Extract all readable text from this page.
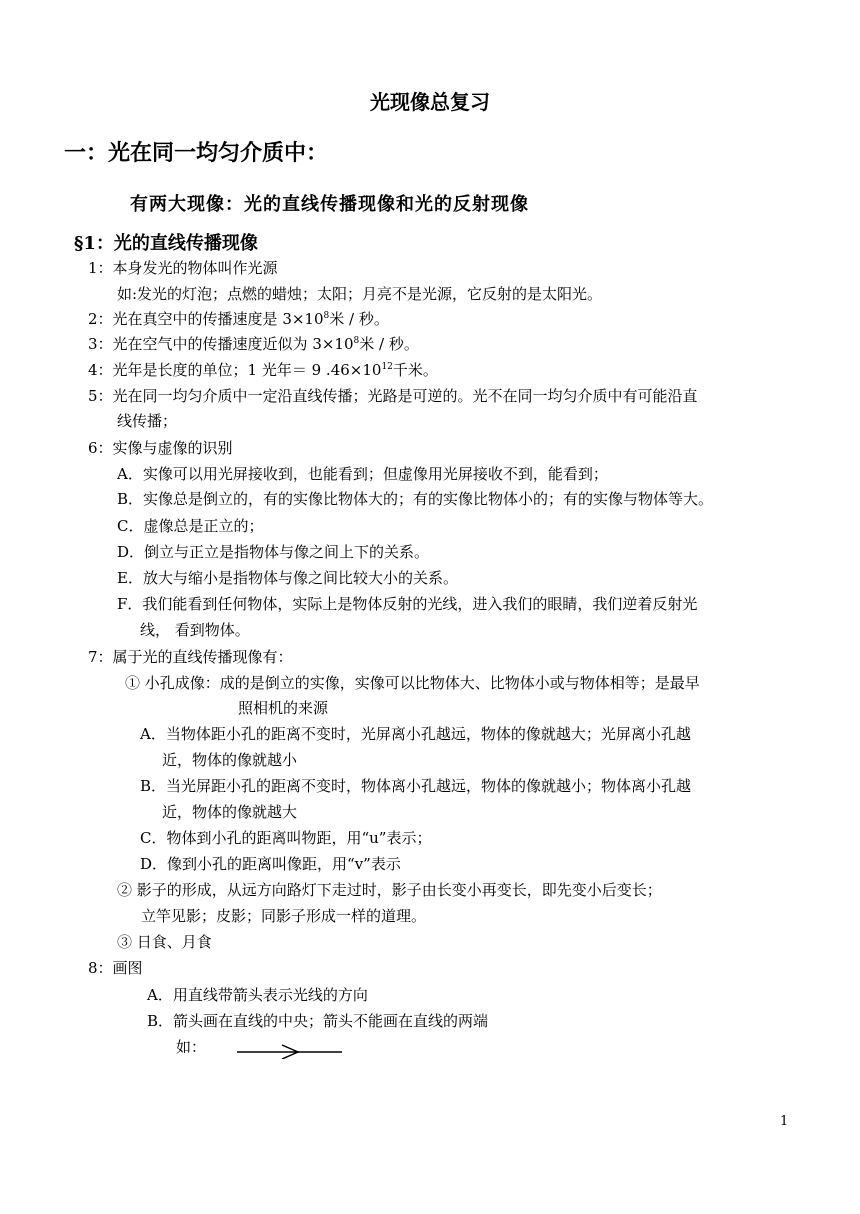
光现像总复习
一：光在同一均匀介质中：
有两大现像：光的直线传播现像和光的反射现像
§1：光的直线传播现像
1：本身发光的物体叫作光源
如:发光的灯泡；点燃的蜡烛；太阳；月亮不是光源，它反射的是太阳光。
2：光在真空中的传播速度是 $3\times 10^8$米 / 秒。
3：光在空气中的传播速度近似为 $3\times 10^8$米 / 秒。
4：光年是长度的单位；1 光年＝ 9 $.46\times 10^{12}$千米。
5：光在同一均匀介质中一定沿直线传播；光路是可逆的。光不在同一均匀介质中有可能沿直
线传播；
6：实像与虚像的识别
A．实像可以用光屏接收到，也能看到；但虚像用光屏接收不到，能看到；
B．实像总是倒立的，有的实像比物体大的；有的实像比物体小的；有的实像与物体等大。
C．虚像总是正立的；
D．倒立与正立是指物体与像之间上下的关系。
E．放大与缩小是指物体与像之间比较大小的关系。
F．我们能看到任何物体，实际上是物体反射的光线，进入我们的眼睛，我们逆着反射光
线， 看到物体。
7：属于光的直线传播现像有：
① 小孔成像：成的是倒立的实像，实像可以比物体大、比物体小或与物体相等；是最早
照相机的来源
A．当物体距小孔的距离不变时，光屏离小孔越远，物体的像就越大；光屏离小孔越
近，物体的像就越小
B．当光屏距小孔的距离不变时，物体离小孔越远，物体的像就越小；物体离小孔越
近，物体的像就越大
C．物体到小孔的距离叫物距，用“u”表示；
D．像到小孔的距离叫像距，用“v”表示
② 影子的形成，从远方向路灯下走过时，影子由长变小再变长，即先变小后变长；
立竿见影；皮影；同影子形成一样的道理。
③ 日食、月食
8：画图
A．用直线带箭头表示光线的方向
B．箭头画在直线的中央；箭头不能画在直线的两端
如：
1
